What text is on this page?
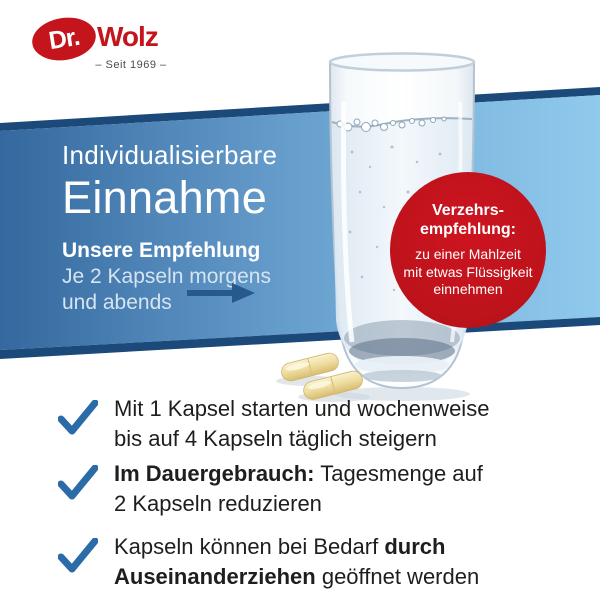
Dr. Wolz
– Seit 1969 –
Individualisierbare
Einnahme
Unsere Empfehlung
Je 2 Kapseln morgens
und abends
Verzehrs-
empfehlung:
zu einer Mahlzeit
mit etwas Flüssigkeit
einnehmen
Mit 1 Kapsel starten und wochenweise
bis auf 4 Kapseln täglich steigern
Im Dauergebrauch: Tagesmenge auf
2 Kapseln reduzieren
Kapseln können bei Bedarf durch
Auseinanderziehen geöffnet werden
